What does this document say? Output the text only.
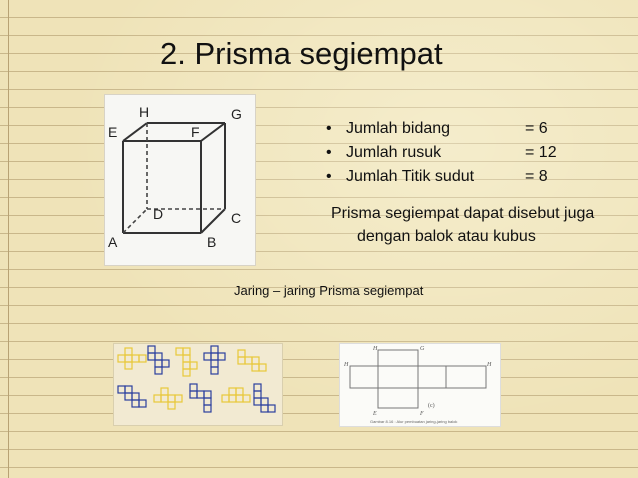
2. Prisma segiempat
A	B
C
D
E	F
G
H
• Jumlah bidang	= 6
• Jumlah rusuk	= 12
• Jumlah Titik sudut	= 8
Prisma segiempat dapat disebut juga dengan balok atau kubus
Jaring – jaring Prisma segiempat
H	G
H	H
E	F
(c)
Gambar 8.16 : Alur pembuatan jaring-jaring balok
